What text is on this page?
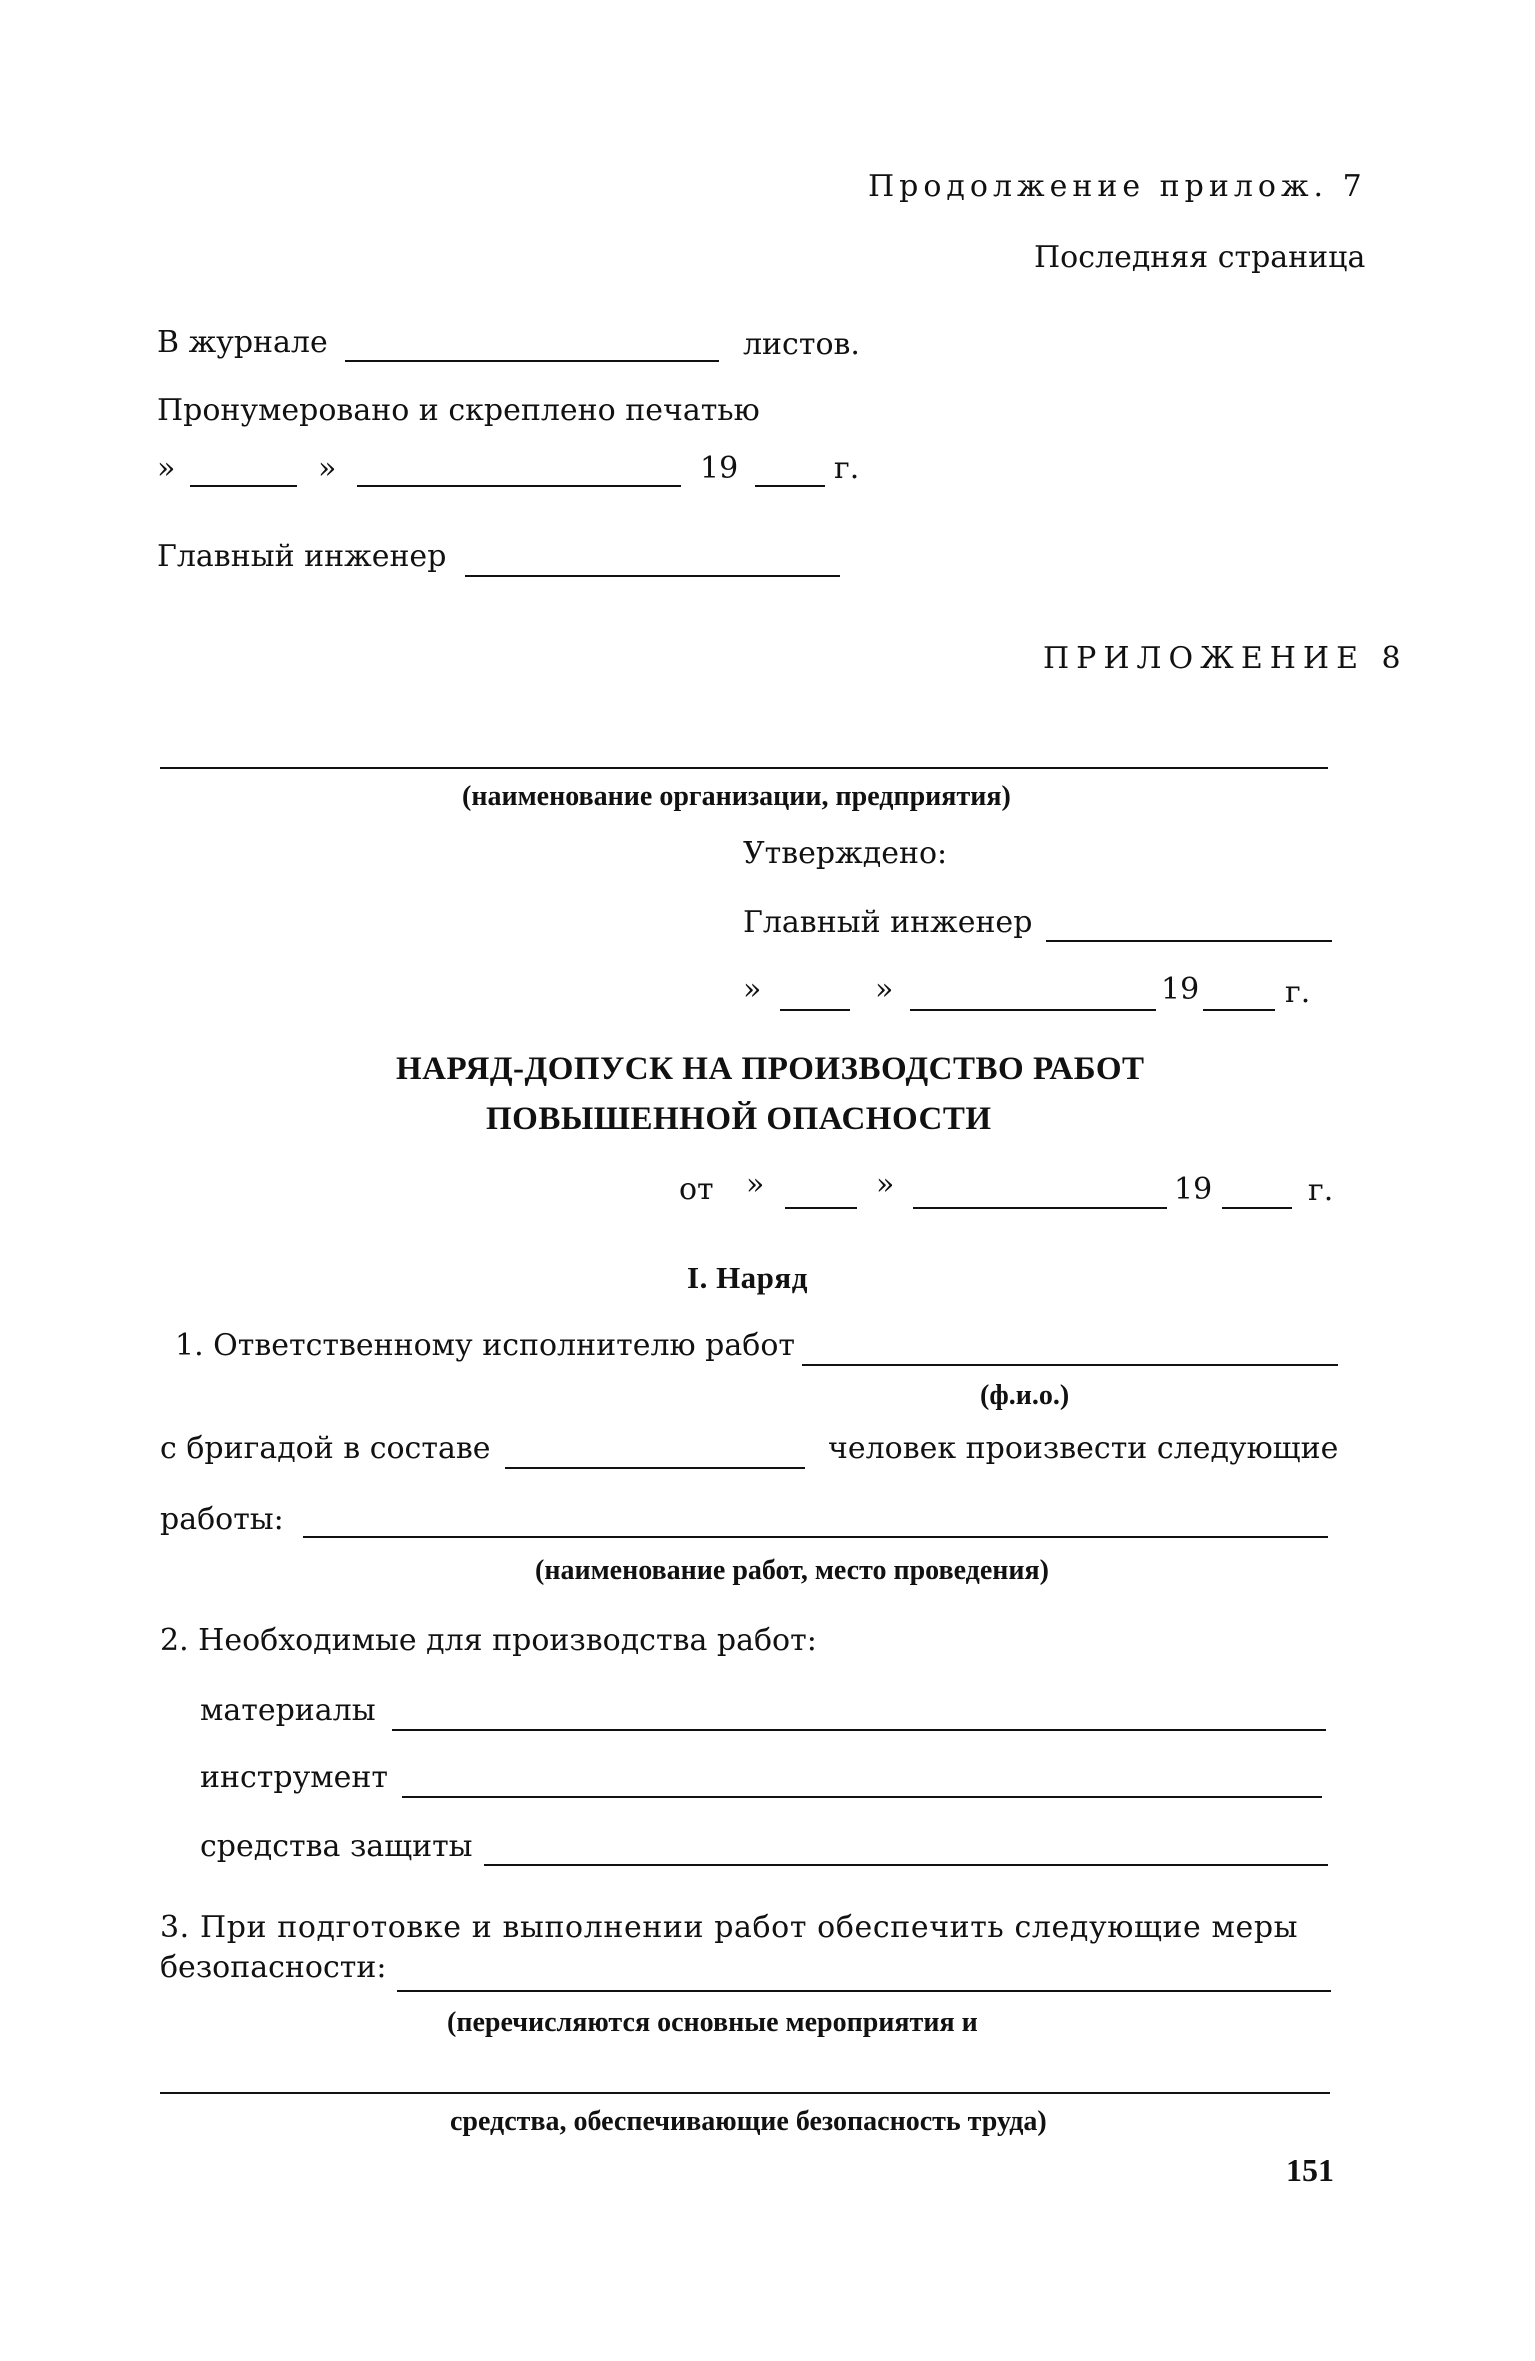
Продолжение прилож. 7
Последняя страница
В журнале	листов.
Пронумеровано и скреплено печатью
»	»	19	г.
Главный инженер
ПРИЛОЖЕНИЕ 8
(наименование организации, предприятия)
Утверждено:
Главный инженер
»	»	19	г.
НАРЯД-ДОПУСК НА ПРОИЗВОДСТВО РАБОТ
ПОВЫШЕННОЙ ОПАСНОСТИ
от »	»	19	г.
I. Наряд
1. Ответственному исполнителю работ
(ф.и.о.)
с бригадой в составе	человек произвести следующие
работы:
(наименование работ, место проведения)
2. Необходимые для производства работ:
материалы
инструмент
средства защиты
3. При подготовке и выполнении работ обеспечить следующие меры
безопасности:
(перечисляются основные мероприятия и
средства, обеспечивающие безопасность труда)
151
